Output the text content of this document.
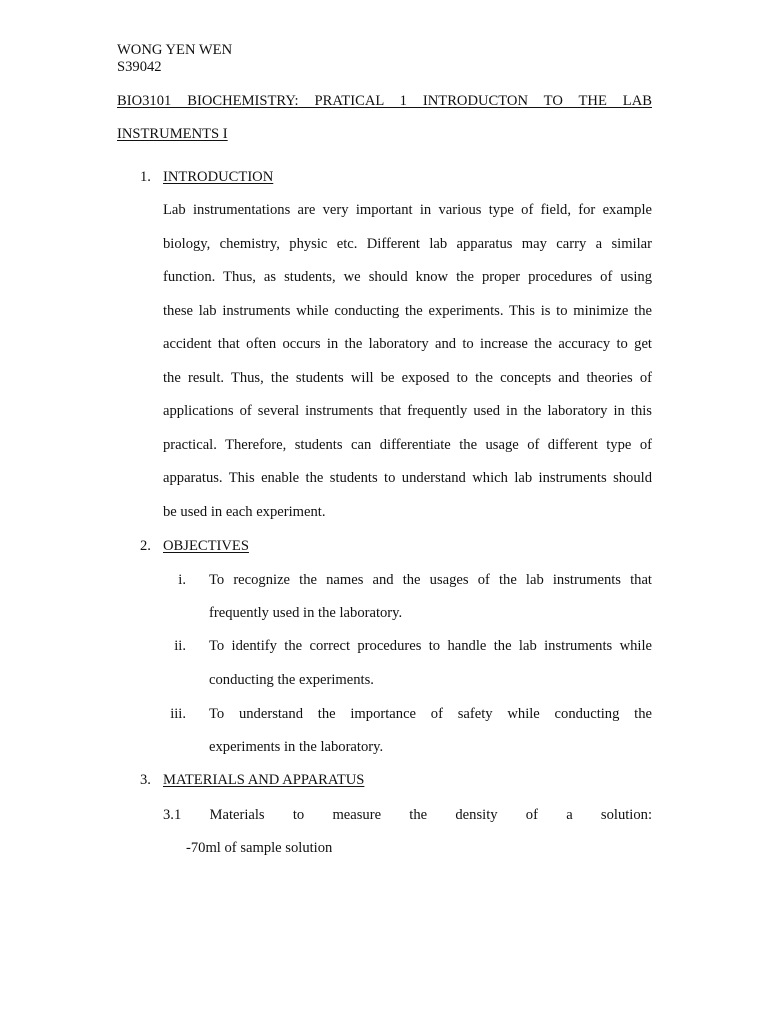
WONG YEN WEN
S39042
BIO3101 BIOCHEMISTRY: PRATICAL 1 INTRODUCTON TO THE LAB
INSTRUMENTS I
1. INTRODUCTION
Lab instrumentations are very important in various type of field, for example
biology, chemistry, physic etc. Different lab apparatus may carry a similar
function. Thus, as students, we should know the proper procedures of using
these lab instruments while conducting the experiments. This is to minimize the
accident that often occurs in the laboratory and to increase the accuracy to get
the result. Thus, the students will be exposed to the concepts and theories of
applications of several instruments that frequently used in the laboratory in this
practical. Therefore, students can differentiate the usage of different type of
apparatus. This enable the students to understand which lab instruments should
be used in each experiment.
2. OBJECTIVES
i. To recognize the names and the usages of the lab instruments that
frequently used in the laboratory.
ii. To identify the correct procedures to handle the lab instruments while
conducting the experiments.
iii. To understand the importance of safety while conducting the
experiments in the laboratory.
3. MATERIALS AND APPARATUS
3.1 Materials to measure the density of a solution:
-70ml of sample solution
